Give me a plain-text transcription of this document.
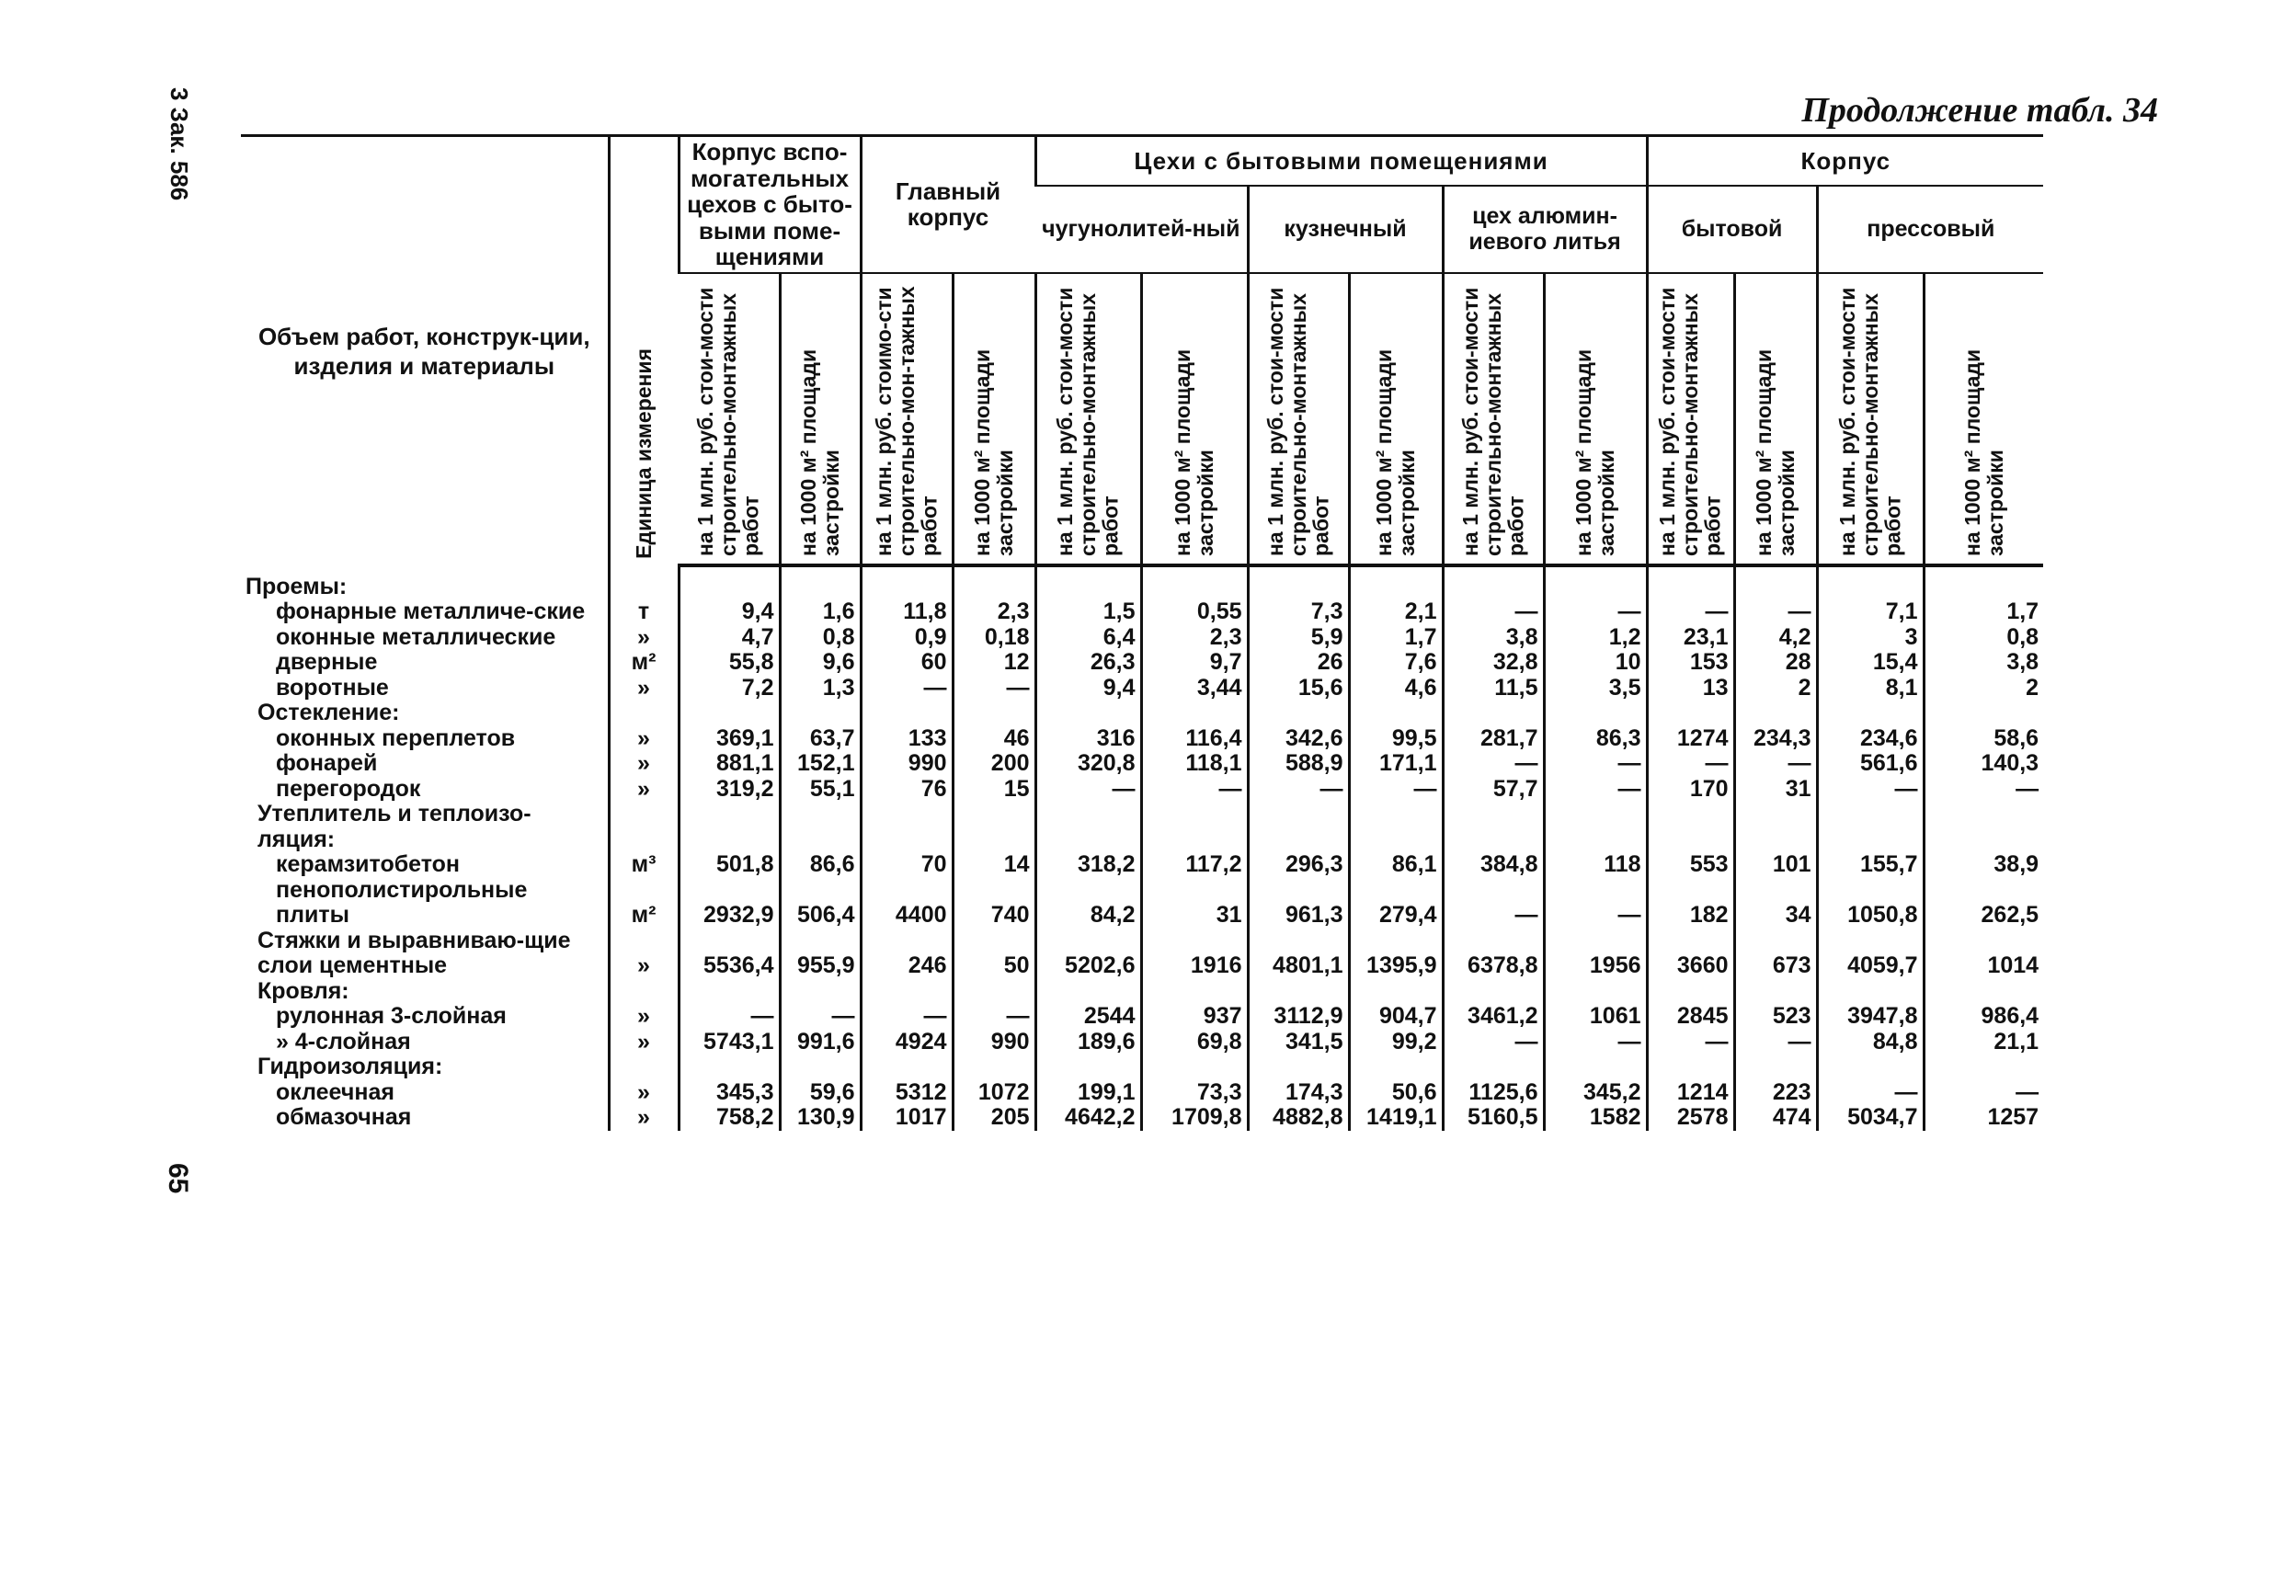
3 Зак. 586
65
Продолжение табл. 34
Объем работ, конструк-ции, изделия и материалы	Единица измерения	Корпус вспо-могательных цехов с быто-выми поме-щениями		Главный корпус		Цехи с бытовыми помещениями						Корпус			
						чугунолитей-ный		кузнечный		цех алюмин-иевого литья		бытовой		прессовый	
		на 1 млн. руб. стои-мости строительно-монтажных работ	на 1000 м² площади застройки	на 1 млн. руб. стоимо-сти строительно-мон-тажных работ	на 1000 м² площади застройки	на 1 млн. руб. стои-мости строительно-монтажных работ	на 1000 м² площади застройки	на 1 млн. руб. стои-мости строительно-монтажных работ	на 1000 м² площади застройки	на 1 млн. руб. стои-мости строительно-монтажных работ	на 1000 м² площади застройки	на 1 млн. руб. стои-мости строительно-монтажных работ	на 1000 м² площади застройки	на 1 млн. руб. стои-мости строительно-монтажных работ	на 1000 м² площади застройки
Проемы:															
фонарные металличе-ские	т	9,4	1,6	11,8	2,3	1,5	0,55	7,3	2,1	—	—	—	—	7,1	1,7
оконные металлические	»	4,7	0,8	0,9	0,18	6,4	2,3	5,9	1,7	3,8	1,2	23,1	4,2	3	0,8
дверные	м²	55,8	9,6	60	12	26,3	9,7	26	7,6	32,8	10	153	28	15,4	3,8
воротные	»	7,2	1,3	—	—	9,4	3,44	15,6	4,6	11,5	3,5	13	2	8,1	2
Остекление:															
оконных переплетов	»	369,1	63,7	133	46	316	116,4	342,6	99,5	281,7	86,3	1274	234,3	234,6	58,6
фонарей	»	881,1	152,1	990	200	320,8	118,1	588,9	171,1	—	—	—	—	561,6	140,3
перегородок	»	319,2	55,1	76	15	—	—	—	—	57,7	—	170	31	—	—
Утеплитель и теплоизо-ляция:															
керамзитобетон	м³	501,8	86,6	70	14	318,2	117,2	296,3	86,1	384,8	118	553	101	155,7	38,9
пенополистирольные плиты	м²	2932,9	506,4	4400	740	84,2	31	961,3	279,4	—	—	182	34	1050,8	262,5
Стяжки и выравниваю-щие слои цементные	»	5536,4	955,9	246	50	5202,6	1916	4801,1	1395,9	6378,8	1956	3660	673	4059,7	1014
Кровля:															
рулонная 3-слойная	»	—	—	—	—	2544	937	3112,9	904,7	3461,2	1061	2845	523	3947,8	986,4
» 4-слойная	»	5743,1	991,6	4924	990	189,6	69,8	341,5	99,2	—	—	—	—	84,8	21,1
Гидроизоляция:															
оклеечная	»	345,3	59,6	5312	1072	199,1	73,3	174,3	50,6	1125,6	345,2	1214	223	—	—
обмазочная	»	758,2	130,9	1017	205	4642,2	1709,8	4882,8	1419,1	5160,5	1582	2578	474	5034,7	1257
